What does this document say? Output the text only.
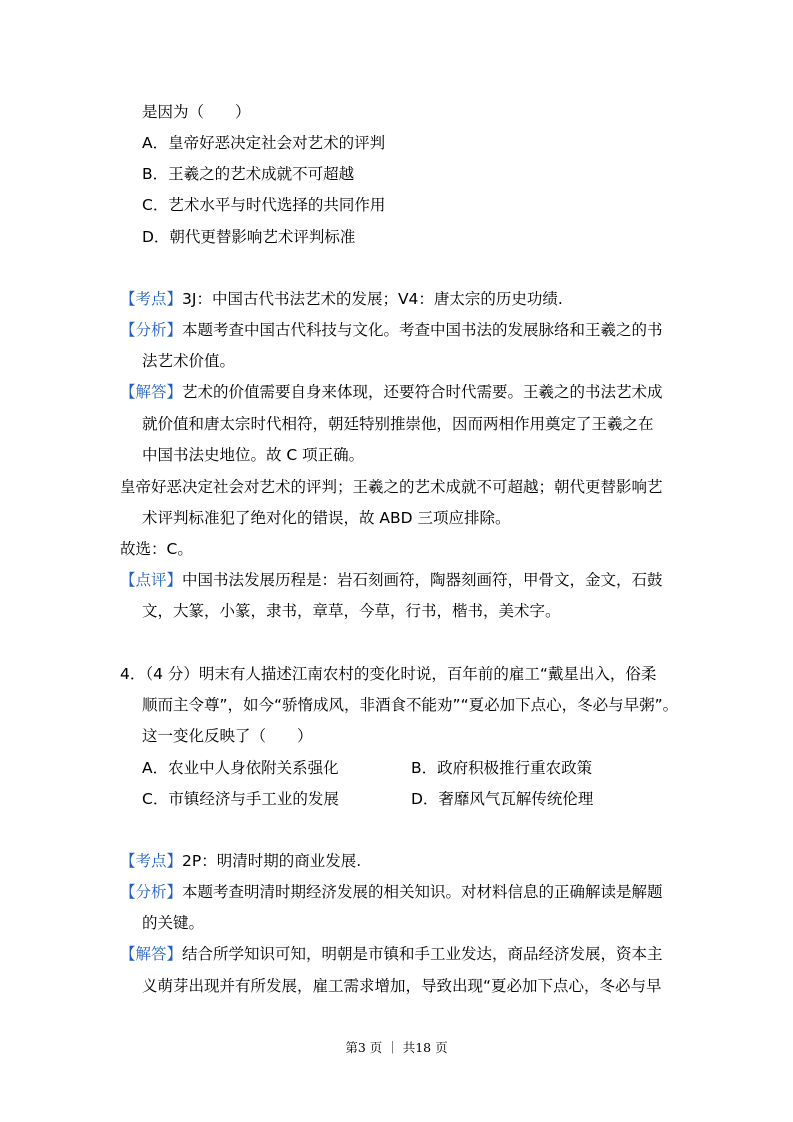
是因为（　　）
A．皇帝好恶决定社会对艺术的评判
B．王羲之的艺术成就不可超越
C．艺术水平与时代选择的共同作用
D．朝代更替影响艺术评判标准
【考点】3J：中国古代书法艺术的发展；V4：唐太宗的历史功绩.
【分析】本题考查中国古代科技与文化。考查中国书法的发展脉络和王羲之的书
法艺术价值。
【解答】艺术的价值需要自身来体现，还要符合时代需要。王羲之的书法艺术成
就价值和唐太宗时代相符，朝廷特别推崇他，因而两相作用奠定了王羲之在
中国书法史地位。故 C 项正确。
皇帝好恶决定社会对艺术的评判；王羲之的艺术成就不可超越；朝代更替影响艺
术评判标准犯了绝对化的错误，故 ABD 三项应排除。
故选：C。
【点评】中国书法发展历程是：岩石刻画符，陶器刻画符，甲骨文，金文，石鼓
文，大篆，小篆，隶书，章草，今草，行书，楷书，美术字。
4．（4 分）明末有人描述江南农村的变化时说，百年前的雇工“戴星出入，俗柔
顺而主令尊”，如今“骄惰成风，非酒食不能劝”“夏必加下点心，冬必与早粥”。
这一变化反映了（　　）
A．农业中人身依附关系强化	B．政府积极推行重农政策
C．市镇经济与手工业的发展	D．奢靡风气瓦解传统伦理
【考点】2P：明清时期的商业发展.
【分析】本题考查明清时期经济发展的相关知识。对材料信息的正确解读是解题
的关键。
【解答】结合所学知识可知，明朝是市镇和手工业发达，商品经济发展，资本主
义萌芽出现并有所发展，雇工需求增加，导致出现“夏必加下点心，冬必与早
第3 页 ｜ 共18 页
